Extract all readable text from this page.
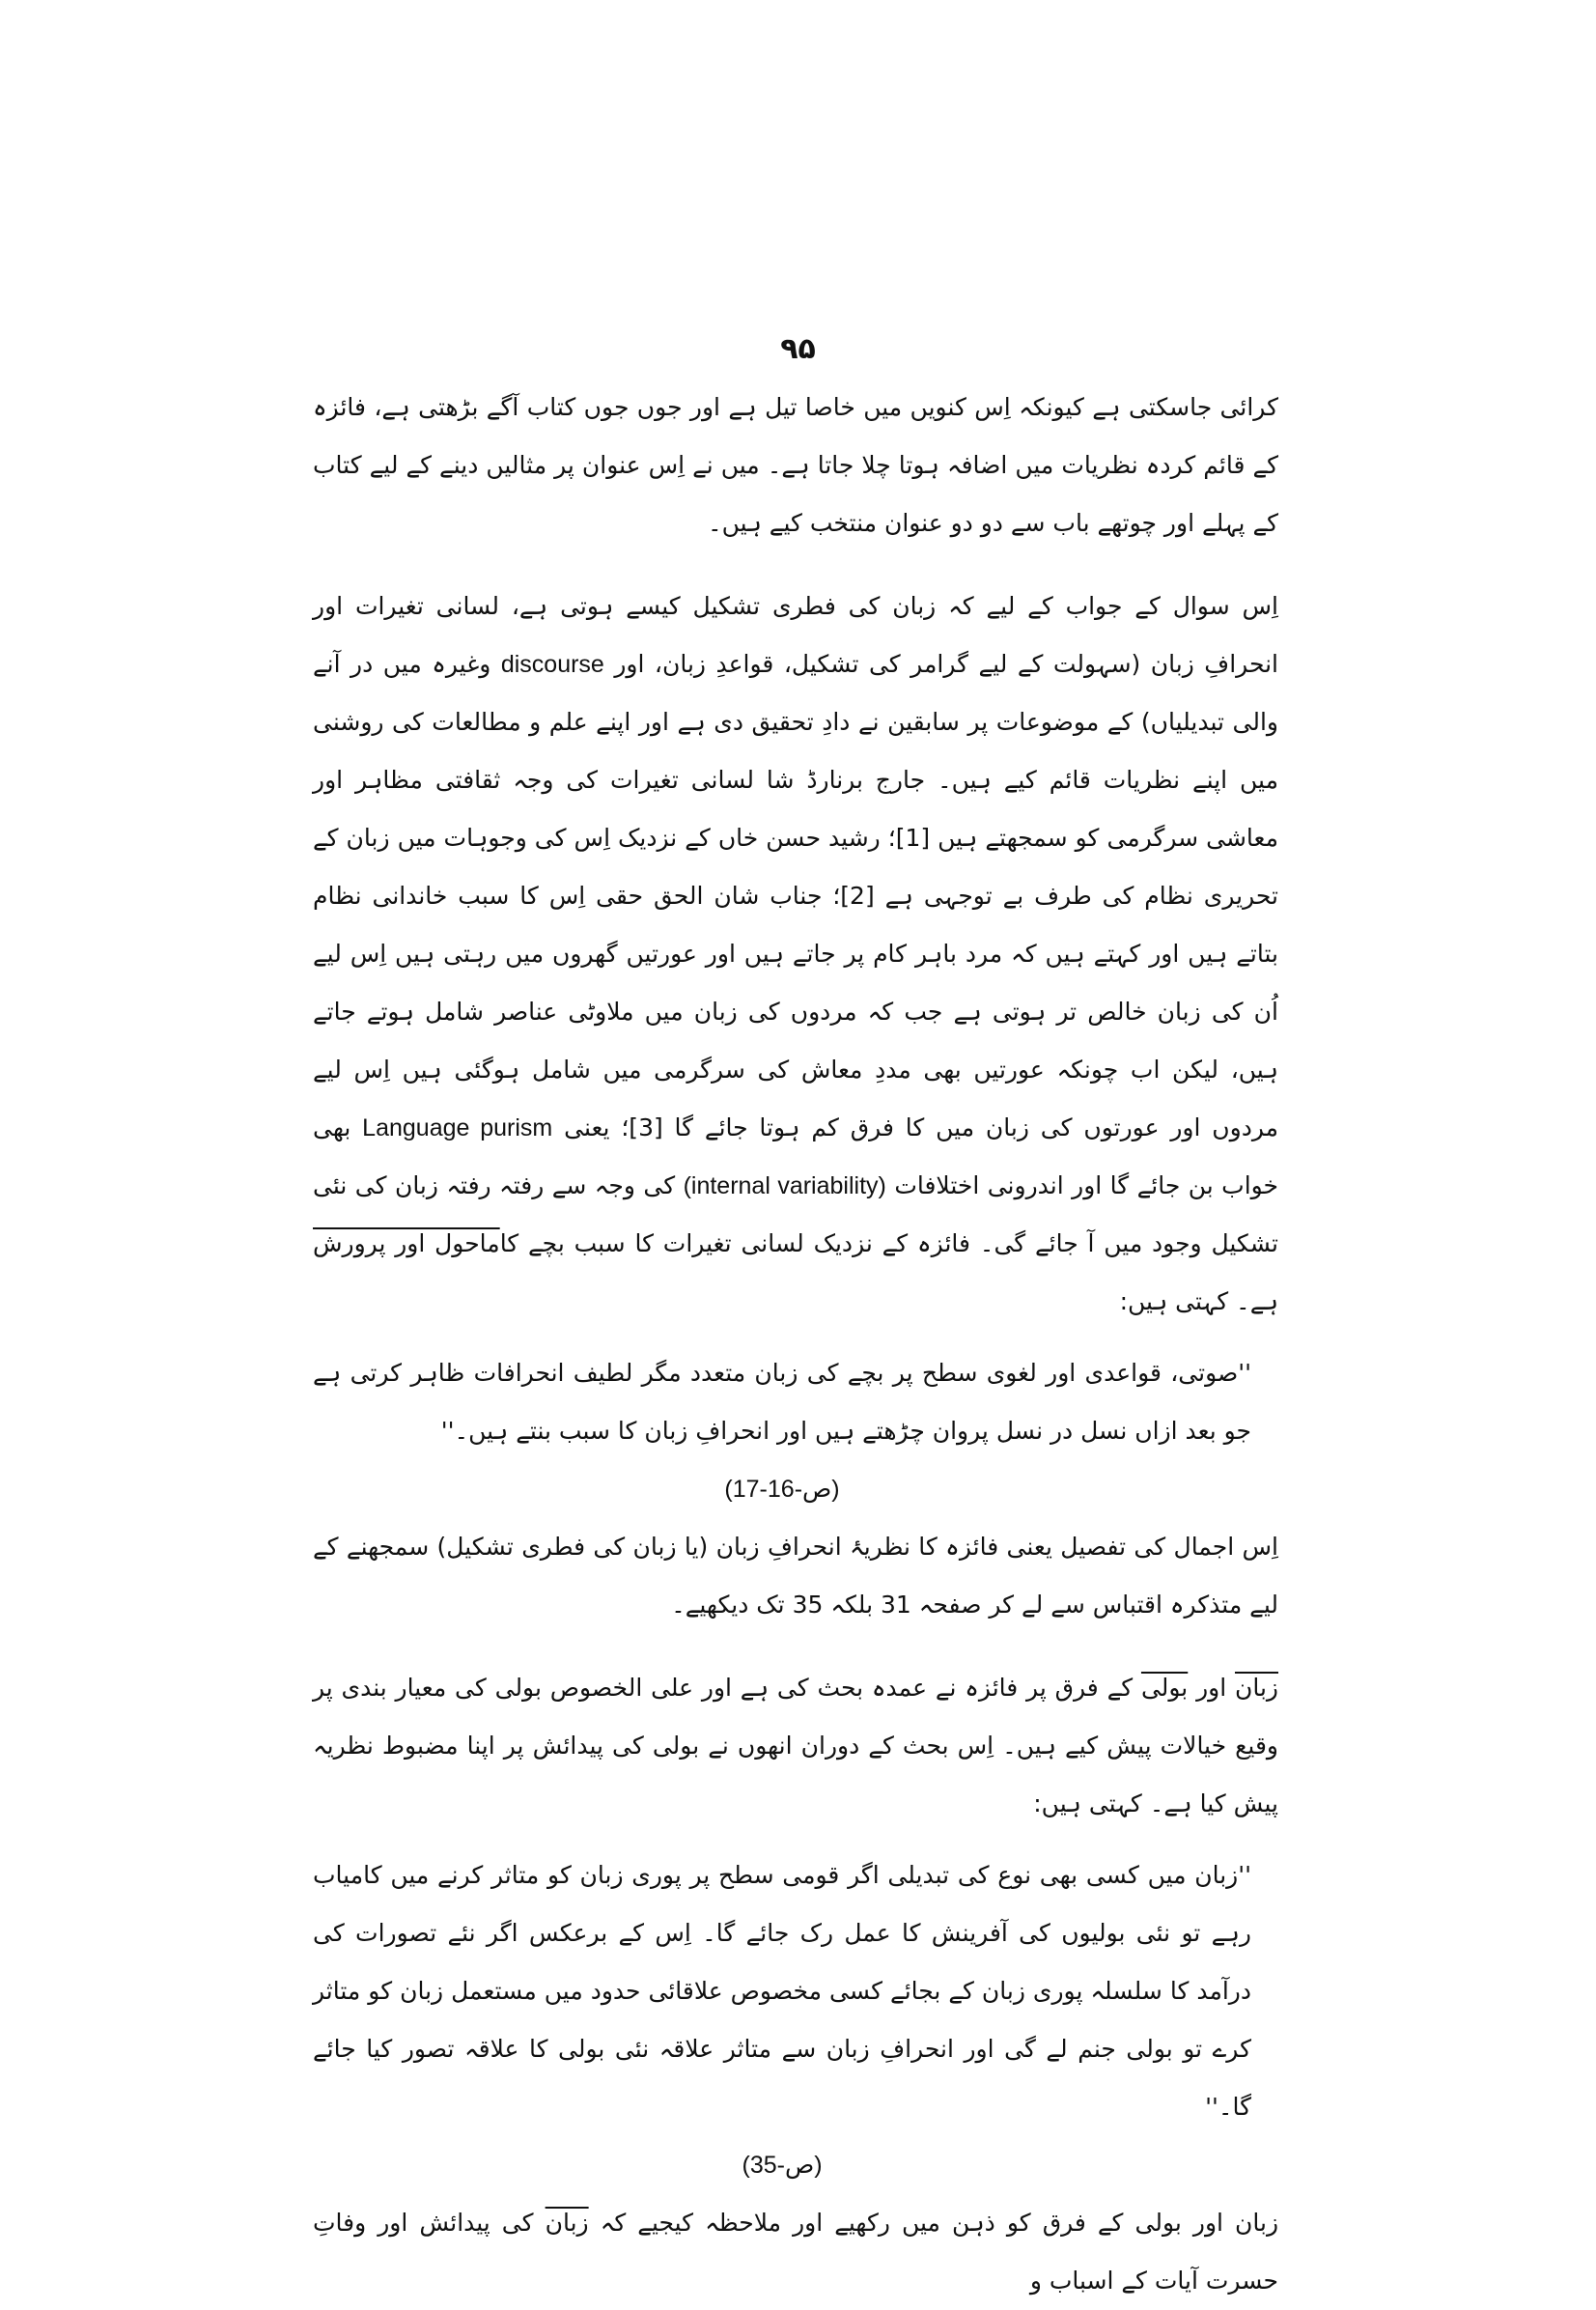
۹۵

کرائی جاسکتی ہے کیونکہ اِس کنویں میں خاصا تیل ہے اور جوں جوں کتاب آگے بڑھتی ہے، فائزہ کے قائم کردہ نظریات میں اضافہ ہوتا چلا جاتا ہے۔ میں نے اِس عنوان پر مثالیں دینے کے لیے کتاب کے پہلے اور چوتھے باب سے دو دو عنوان منتخب کیے ہیں۔

اِس سوال کے جواب کے لیے کہ زبان کی فطری تشکیل کیسے ہوتی ہے، لسانی تغیرات اور انحرافِ زبان (سہولت کے لیے گرامر کی تشکیل، قواعدِ زبان، اور discourse وغیرہ میں در آنے والی تبدیلیاں) کے موضوعات پر سابقین نے دادِ تحقیق دی ہے اور اپنے علم و مطالعات کی روشنی میں اپنے نظریات قائم کیے ہیں۔ جارج برنارڈ شا لسانی تغیرات کی وجہ ثقافتی مظاہر اور معاشی سرگرمی کو سمجھتے ہیں [1]؛ رشید حسن خاں کے نزدیک اِس کی وجوہات میں زبان کے تحریری نظام کی طرف بے توجہی ہے [2]؛ جناب شان الحق حقی اِس کا سبب خاندانی نظام بتاتے ہیں اور کہتے ہیں کہ مرد باہر کام پر جاتے ہیں اور عورتیں گھروں میں رہتی ہیں اِس لیے اُن کی زبان خالص تر ہوتی ہے جب کہ مردوں کی زبان میں ملاوٹی عناصر شامل ہوتے جاتے ہیں، لیکن اب چونکہ عورتیں بھی مددِ معاش کی سرگرمی میں شامل ہوگئی ہیں اِس لیے مردوں اور عورتوں کی زبان میں کا فرق کم ہوتا جائے گا [3]؛ یعنی Language purism بھی خواب بن جائے گا اور اندرونی اختلافات (internal variability) کی وجہ سے رفتہ رفتہ زبان کی نئی تشکیل وجود میں آ جائے گی۔ فائزہ کے نزدیک لسانی تغیرات کا سبب بچے کاماحول اور پرورش ہے۔ کہتی ہیں:

''صوتی، قواعدی اور لغوی سطح پر بچے کی زبان متعدد مگر لطیف انحرافات ظاہر کرتی ہے جو بعد ازاں نسل در نسل پروان چڑھتے ہیں اور انحرافِ زبان کا سبب بنتے ہیں۔''

(ص-16-17)

اِس اجمال کی تفصیل یعنی فائزہ کا نظریۂ انحرافِ زبان (یا زبان کی فطری تشکیل) سمجھنے کے لیے متذکرہ اقتباس سے لے کر صفحہ 31 بلکہ 35 تک دیکھیے۔

زبان اور بولی کے فرق پر فائزہ نے عمدہ بحث کی ہے اور علی الخصوص بولی کی معیار بندی پر وقیع خیالات پیش کیے ہیں۔ اِس بحث کے دوران انھوں نے بولی کی پیدائش پر اپنا مضبوط نظریہ پیش کیا ہے۔ کہتی ہیں:

''زبان میں کسی بھی نوع کی تبدیلی اگر قومی سطح پر پوری زبان کو متاثر کرنے میں کامیاب رہے تو نئی بولیوں کی آفرینش کا عمل رک جائے گا۔ اِس کے برعکس اگر نئے تصورات کی درآمد کا سلسلہ پوری زبان کے بجائے کسی مخصوص علاقائی حدود میں مستعمل زبان کو متاثر کرے تو بولی جنم لے گی اور انحرافِ زبان سے متاثر علاقہ نئی بولی کا علاقہ تصور کیا جائے گا۔''

(ص-35)

زبان اور بولی کے فرق کو ذہن میں رکھیے اور ملاحظہ کیجیے کہ زبان کی پیدائش اور وفاتِ حسرت آیات کے اسباب و
